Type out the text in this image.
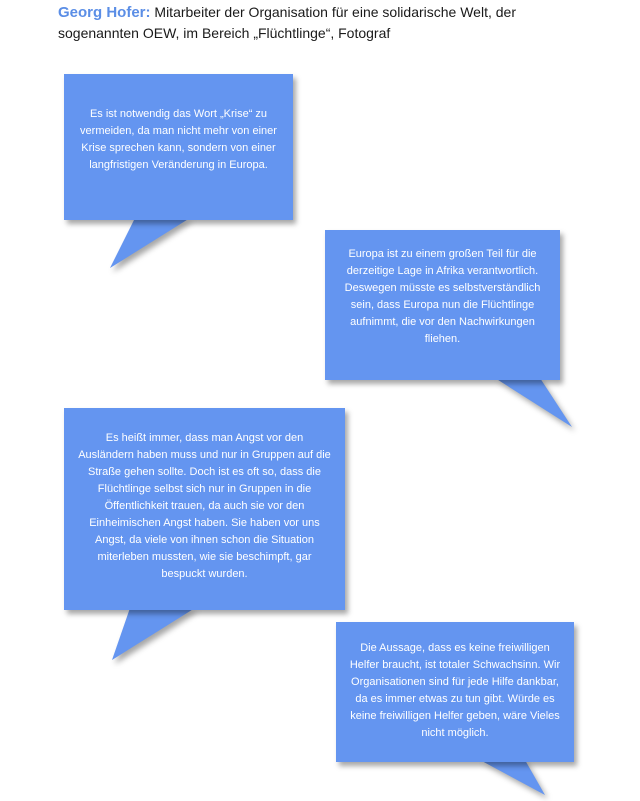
Georg Hofer: Mitarbeiter der Organisation für eine solidarische Welt, der sogenannten OEW, im Bereich „Flüchtlinge“, Fotograf
Es ist notwendig das Wort „Krise“ zu vermeiden, da man nicht mehr von einer Krise sprechen kann, sondern von einer langfristigen Veränderung in Europa.
Europa ist zu einem großen Teil für die derzeitige Lage in Afrika verantwortlich. Deswegen müsste es selbstverständlich sein, dass Europa nun die Flüchtlinge aufnimmt, die vor den Nachwirkungen fliehen.
Es heißt immer, dass man Angst vor den Ausländern haben muss und nur in Gruppen auf die Straße gehen sollte. Doch ist es oft so, dass die Flüchtlinge selbst sich nur in Gruppen in die Öffentlichkeit trauen, da auch sie vor den Einheimischen Angst haben. Sie haben vor uns Angst, da viele von ihnen schon die Situation miterleben mussten, wie sie beschimpft, gar bespuckt wurden.
Die Aussage, dass es keine freiwilligen Helfer braucht, ist totaler Schwachsinn. Wir Organisationen sind für jede Hilfe dankbar, da es immer etwas zu tun gibt. Würde es keine freiwilligen Helfer geben, wäre Vieles nicht möglich.
